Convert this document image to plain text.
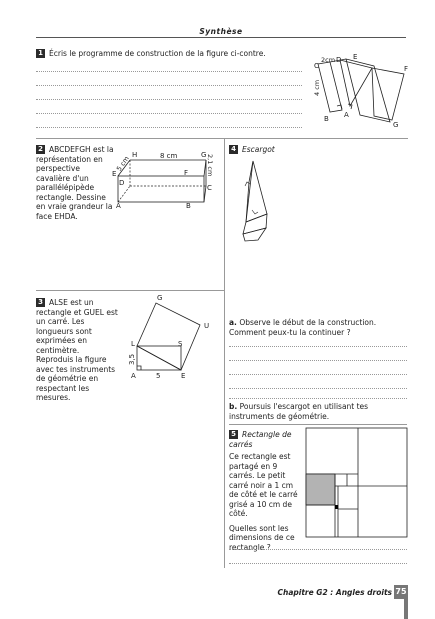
Synthèse
1 Écris le programme de construction de la figure ci-contre.
C
2cm D E
F
G
B A
4 cm
2 ABCDEFGH est la représentation en perspective cavalière d'un parallélépipède rectangle. Dessine en vraie grandeur la face EHDA.
H	8 cm	G
E	F
D
C
A	B
5 cm	2,1 cm
3 ALSE est un rectangle et GUEL est un carré. Les longueurs sont exprimées en centimètre. Reproduis la figure avec tes instruments de géométrie en respectant les mesures.
G
U
L	S
A	5	E
3,5
4 Escargot
a. Observe le début de la construction. Comment peux-tu la continuer ?
b. Poursuis l'escargot en utilisant tes instruments de géométrie.
5 Rectangle de carrés
Ce rectangle est partagé en 9 carrés. Le petit carré noir a 1 cm de côté et le carré grisé a 10 cm de côté.
Quelles sont les dimensions de ce rectangle ?
Chapitre G2 : Angles droits 75
